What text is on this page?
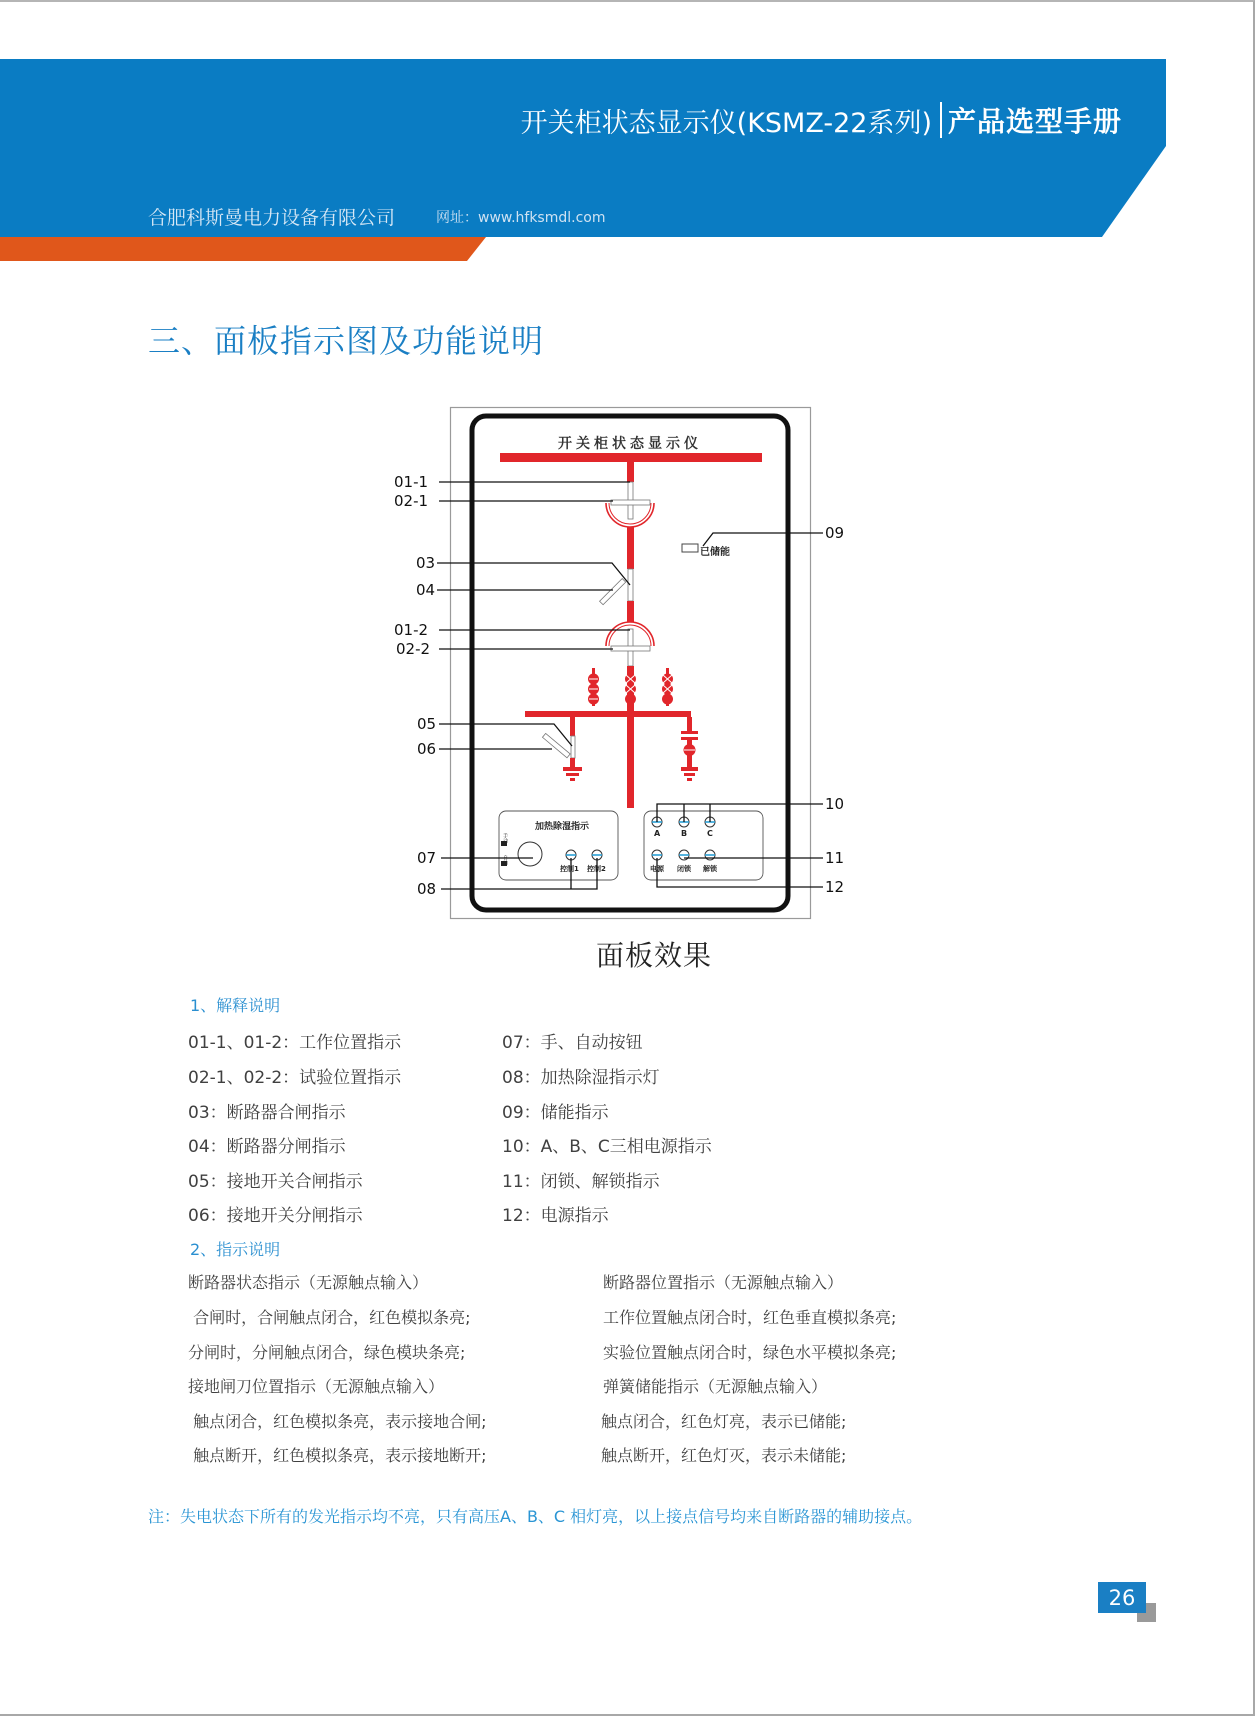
开关柜状态显示仪(KSMZ-22系列) 产品选型手册
合肥科斯曼电力设备有限公司	网址：www.hfksmdl.com
三、面板指示图及功能说明
开关柜状态显示仪
已储能
加热除湿指示
手动
自动
控制1 控制2
A	B C
电源 闭锁 解锁
01-1
02-1
03
04
01-2
02-2
05
06
07
08
09
10
11
12
面板效果
1、解释说明
01-1、01-2：工作位置指示
02-1、02-2：试验位置指示
03：断路器合闸指示
04：断路器分闸指示
05：接地开关合闸指示
06：接地开关分闸指示
07：手、自动按钮
08：加热除湿指示灯
09：储能指示
10：A、B、C三相电源指示
11：闭锁、解锁指示
12：电源指示
2、指示说明
断路器状态指示（无源触点输入）
合闸时，合闸触点闭合，红色模拟条亮;
分闸时，分闸触点闭合，绿色模块条亮;
接地闸刀位置指示（无源触点输入）
触点闭合，红色模拟条亮，表示接地合闸;
触点断开，红色模拟条亮，表示接地断开;
断路器位置指示（无源触点输入）
工作位置触点闭合时，红色垂直模拟条亮;
实验位置触点闭合时，绿色水平模拟条亮;
弹簧储能指示（无源触点输入）
触点闭合，红色灯亮，表示已储能;
触点断开，红色灯灭，表示未储能;
注：失电状态下所有的发光指示均不亮，只有高压A、B、C 相灯亮，以上接点信号均来自断路器的辅助接点。
26
